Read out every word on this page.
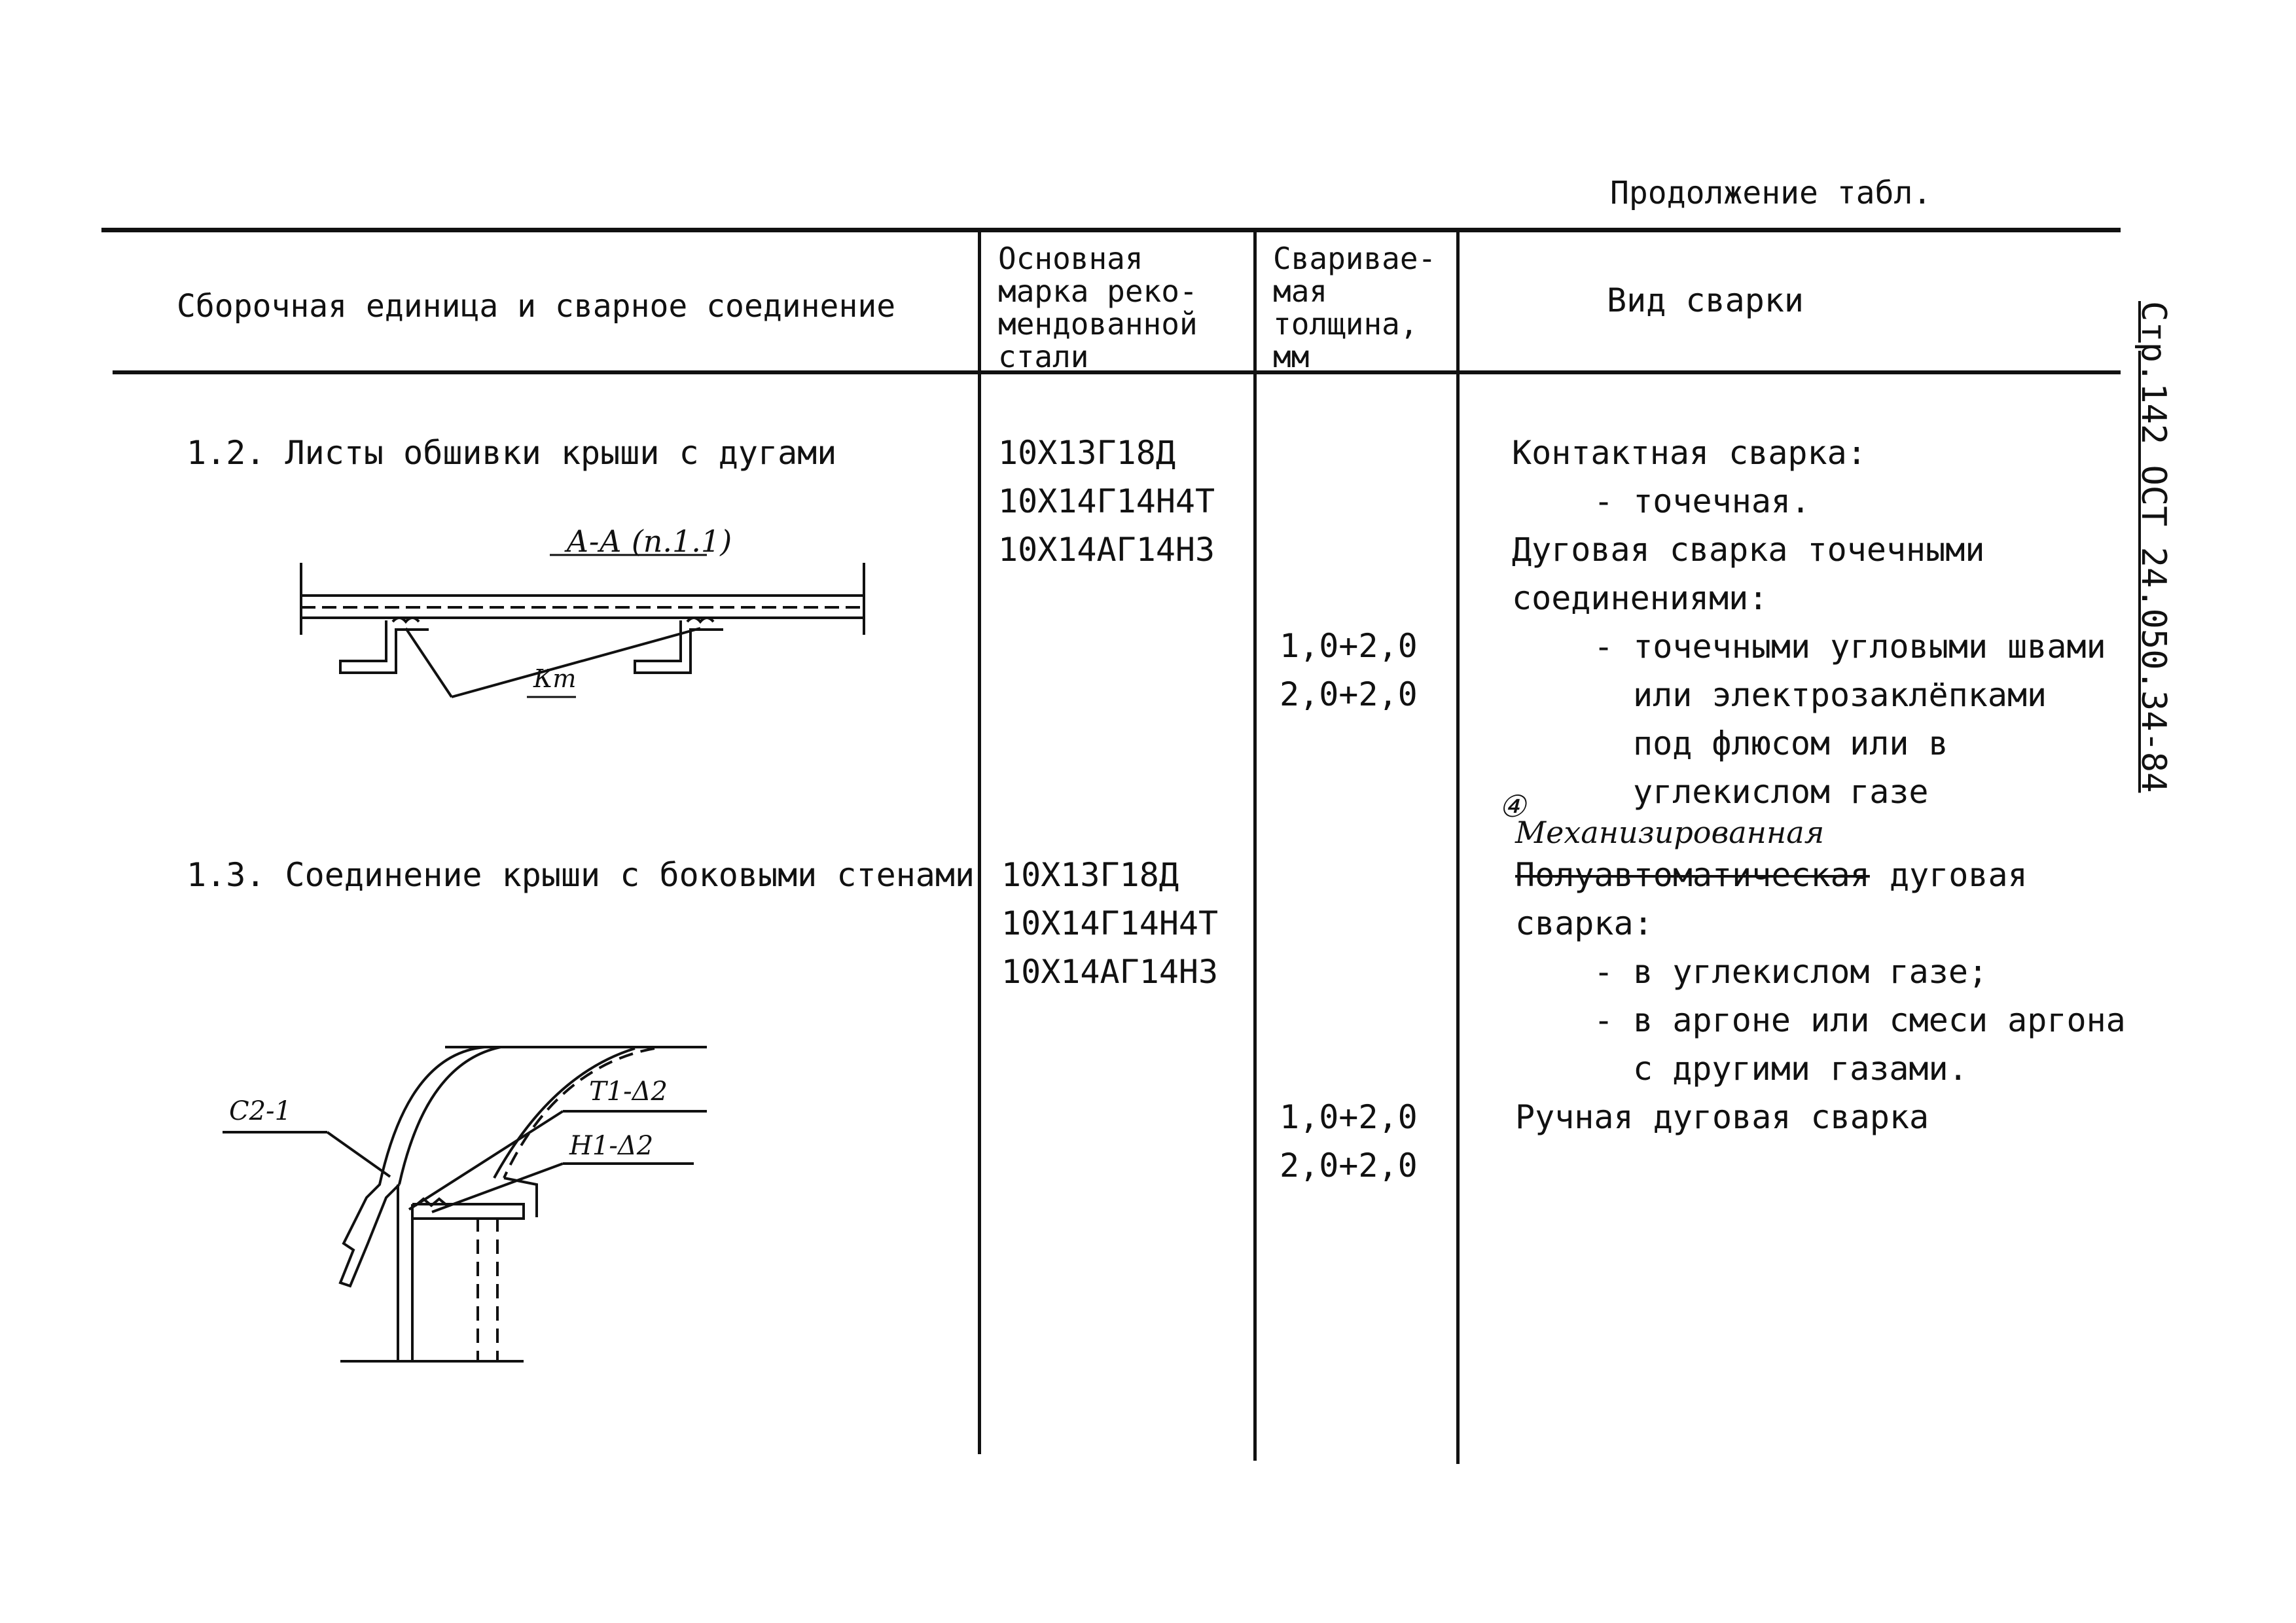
Продолжение табл.
Сборочная единица и сварное соединение
Основная
марка реко-
мендованной
стали
Свариваe-
мая
толщина,
мм
Вид сварки
Стр.142 ОСТ 24.050.34-84
1.2. Листы обшивки крыши с дугами	10Х13Г18Д
10Х14Г14Н4Т
10Х14АГ14Н3
1,0+2,0
2,0+2,0
Контактная сварка:
- точечная.
Дуговая сварка точечными
соединениями:
- точечными угловыми швами
или электрозаклёпками
под флюсом или в
углекислом газе
А-А (п.1.1)
Кт
1.3. Соединение крыши с боковыми стенами 10Х13Г18Д
10Х14Г14Н4Т
10Х14АГ14Н3
1,0+2,0
2,0+2,0
④
Механизированная
Полуавтоматическая дуговая
сварка:
- в углекислом газе;
- в аргоне или смеси аргона
с другими газами.
Ручная дуговая сварка
С2-1
Т1-Δ2
Н1-Δ2
